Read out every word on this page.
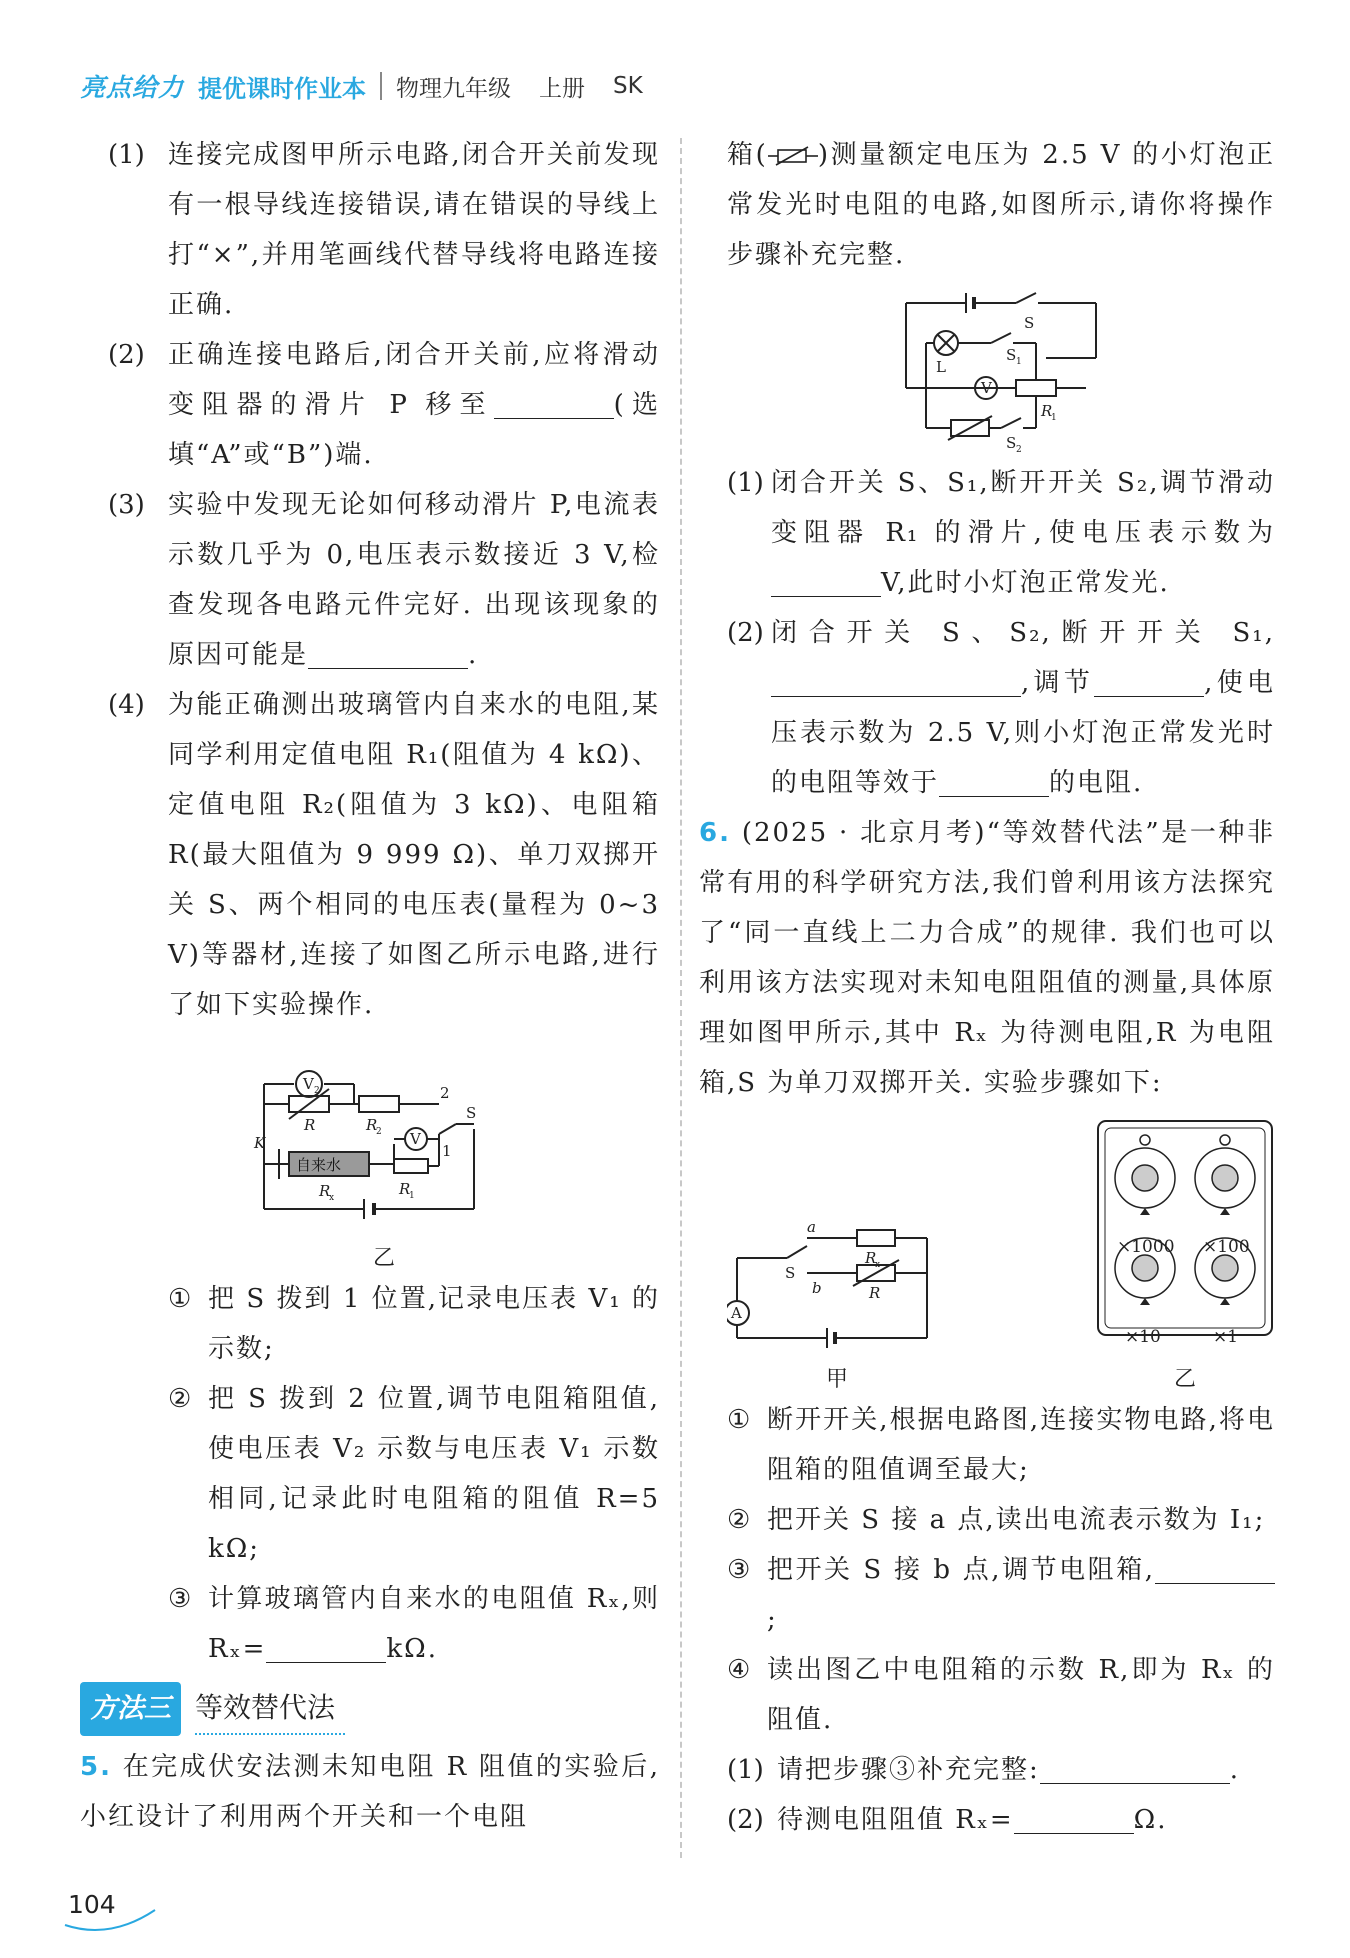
亮点给力 提优课时作业本 物理九年级 上册 SK
(1) 连接完成图甲所示电路,闭合开关前发现有一根导线连接错误,请在错误的导线上打“×”,并用笔画线代替导线将电路连接正确.
(2) 正确连接电路后,闭合开关前,应将滑动变阻器的滑片 P 移至	(选填“A”或“B”)端.
(3) 实验中发现无论如何移动滑片 P,电流表示数几乎为 0,电压表示数接近 3 V,检查发现各电路元件完好. 出现该现象的原因可能是	.
(4) 为能正确测出玻璃管内自来水的电阻,某同学利用定值电阻 R₁(阻值为 4 kΩ)、定值电阻 R₂(阻值为 3 kΩ)、电阻箱 R(最大阻值为 9 999 Ω)、单刀双掷开关 S、两个相同的电压表(量程为 0~3 V)等器材,连接了如图乙所示电路,进行了如下实验操作.
V 2
R	R
2
2
S
1
V
K
自来水
R
x	R
1
乙
① 把 S 拨到 1 位置,记录电压表 V₁ 的示数;
② 把 S 拨到 2 位置,调节电阻箱阻值,使电压表 V₂ 示数与电压表 V₁ 示数相同,记录此时电阻箱的阻值 R=5 kΩ;
③ 计算玻璃管内自来水的电阻值 Rₓ,则 Rₓ=	kΩ.
方法三 等效替代法
5. 在完成伏安法测未知电阻 R 阻值的实验后,小红设计了利用两个开关和一个电阻
箱( )测量额定电压为 2.5 V 的小灯泡正常发光时电阻的电路,如图所示,请你将操作步骤补充完整.
S
L
V
S 1
S 2
R
1
(1) 闭合开关 S、S₁,断开开关 S₂,调节滑动变阻器 R₁ 的滑片,使电压表示数为 V,此时小灯泡正常发光.
(2) 闭合开关 S、S₂,断开开关 S₁,,调节	,使电压表示数为 2.5 V,则小灯泡正常发光时的电阻等效于	的电阻.
6. (2025 · 北京月考)“等效替代法”是一种非常有用的科学研究方法,我们曾利用该方法探究了“同一直线上二力合成”的规律. 我们也可以利用该方法实现对未知电阻阻值的测量,具体原理如图甲所示,其中 Rₓ 为待测电阻,R 为电阻箱,S 为单刀双掷开关. 实验步骤如下:
a
S
b
R
x
R
A
甲
×1000 ×100
×10	×1
乙
① 断开开关,根据电路图,连接实物电路,将电阻箱的阻值调至最大;
② 把开关 S 接 a 点,读出电流表示数为 I₁;
③ 把开关 S 接 b 点,调节电阻箱,;
④ 读出图乙中电阻箱的示数 R,即为 Rₓ 的阻值.
(1) 请把步骤③补充完整:	.
(2) 待测电阻阻值 Rₓ=	Ω.
104
